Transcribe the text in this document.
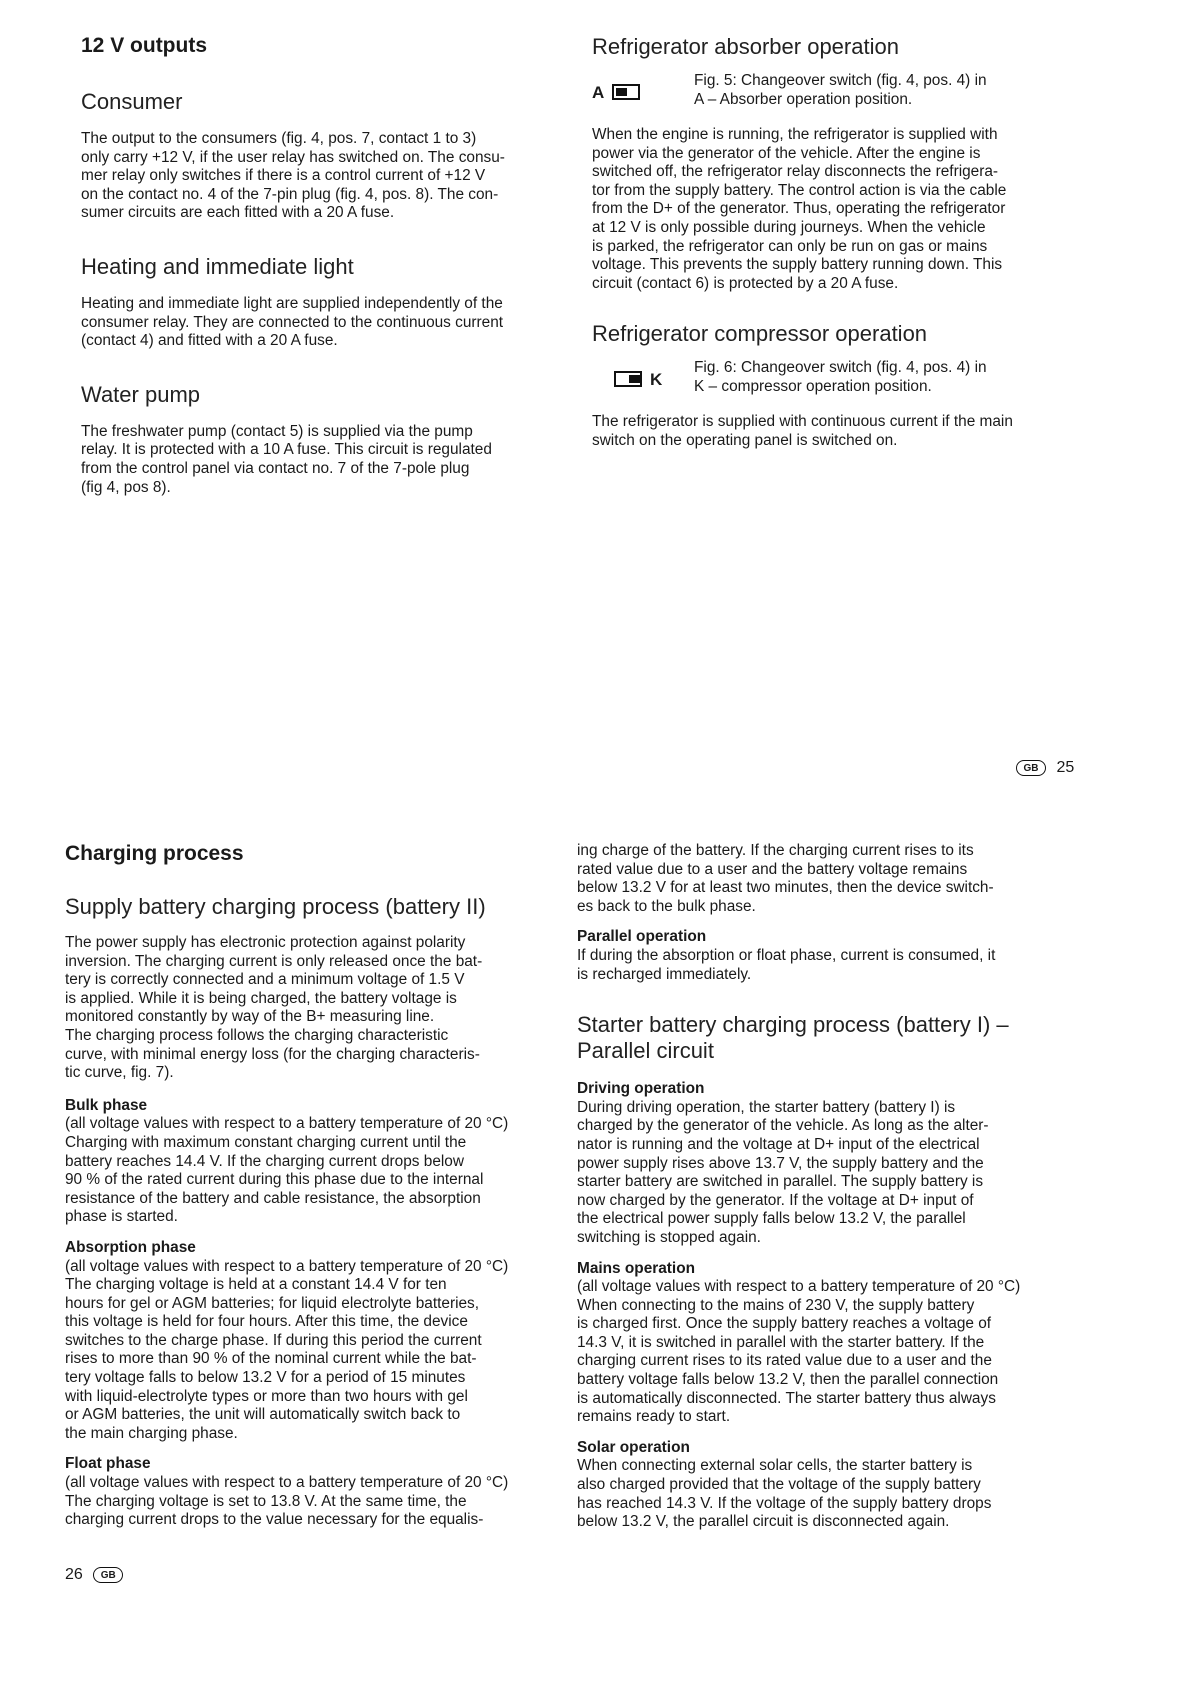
12 V outputs
Consumer

The output to the consumers (fig. 4, pos. 7, contact 1 to 3)

only carry +12 V, if the user relay has switched on. The consu-

mer relay only switches if there is a control current of +12 V

on the contact no. 4 of the 7-pin plug (fig. 4, pos. 8). The con-

sumer circuits are each fitted with a 20 A fuse.

Heating and immediate light

Heating and immediate light are supplied independently of the

consumer relay. They are connected to the continuous current

(contact 4) and fitted with a 20 A fuse.

Water pump

The freshwater pump (contact 5) is supplied via the pump

relay. It is protected with a 10 A fuse. This circuit is regulated

from the control panel via contact no. 7 of the 7-pole plug

(fig 4, pos 8).

Refrigerator absorber operation
A

Fig. 5: Changeover switch (fig. 4, pos. 4) in

A – Absorber operation position.

When the engine is running, the refrigerator is supplied with

power via the generator of the vehicle. After the engine is

switched off, the refrigerator relay disconnects the refrigera-

tor from the supply battery. The control action is via the cable

from the D+ of the generator. Thus, operating the refrigerator

at 12 V is only possible during journeys. When the vehicle

is parked, the refrigerator can only be run on gas or mains

voltage. This prevents the supply battery running down. This

circuit (contact 6) is protected by a 20 A fuse.

Refrigerator compressor operation
K

Fig. 6: Changeover switch (fig. 4, pos. 4) in

K – compressor operation position.

The refrigerator is supplied with continuous current if the main

switch on the operating panel is switched on.

GB 25
Charging process
Supply battery charging process (battery II)

The power supply has electronic protection against polarity

inversion. The charging current is only released once the bat-

tery is correctly connected and a minimum voltage of 1.5 V

is applied. While it is being charged, the battery voltage is

monitored constantly by way of the B+ measuring line.

The charging process follows the charging characteristic

curve, with minimal energy loss (for the charging characteris-

tic curve, fig. 7).

Bulk phase

(all voltage values with respect to a battery temperature of 20 °C)

Charging with maximum constant charging current until the

battery reaches 14.4 V. If the charging current drops below

90 % of the rated current during this phase due to the internal

resistance of the battery and cable resistance, the absorption

phase is started.

Absorption phase

(all voltage values with respect to a battery temperature of 20 °C)

The charging voltage is held at a constant 14.4 V for ten

hours for gel or AGM batteries; for liquid electrolyte batteries,

this voltage is held for four hours. After this time, the device

switches to the charge phase. If during this period the current

rises to more than 90 % of the nominal current while the bat-

tery voltage falls to below 13.2 V for a period of 15 minutes

with liquid-electrolyte types or more than two hours with gel

or AGM batteries, the unit will automatically switch back to

the main charging phase.

Float phase

(all voltage values with respect to a battery temperature of 20 °C)

The charging voltage is set to 13.8 V. At the same time, the

charging current drops to the value necessary for the equalis-

ing charge of the battery. If the charging current rises to its

rated value due to a user and the battery voltage remains

below 13.2 V for at least two minutes, then the device switch-

es back to the bulk phase.

Parallel operation

If during the absorption or float phase, current is consumed, it

is recharged immediately.

Starter battery charging process (battery I) –
Parallel circuit

Driving operation

During driving operation, the starter battery (battery I) is

charged by the generator of the vehicle. As long as the alter-

nator is running and the voltage at D+ input of the electrical

power supply rises above 13.7 V, the supply battery and the

starter battery are switched in parallel. The supply battery is

now charged by the generator. If the voltage at D+ input of

the electrical power supply falls below 13.2 V, the parallel

switching is stopped again.

Mains operation

(all voltage values with respect to a battery temperature of 20 °C)

When connecting to the mains of 230 V, the supply battery

is charged first. Once the supply battery reaches a voltage of

14.3 V, it is switched in parallel with the starter battery. If the

charging current rises to its rated value due to a user and the

battery voltage falls below 13.2 V, then the parallel connection

is automatically disconnected. The starter battery thus always

remains ready to start.

Solar operation

When connecting external solar cells, the starter battery is

also charged provided that the voltage of the supply battery

has reached 14.3 V. If the voltage of the supply battery drops

below 13.2 V, the parallel circuit is disconnected again.

26 GB
